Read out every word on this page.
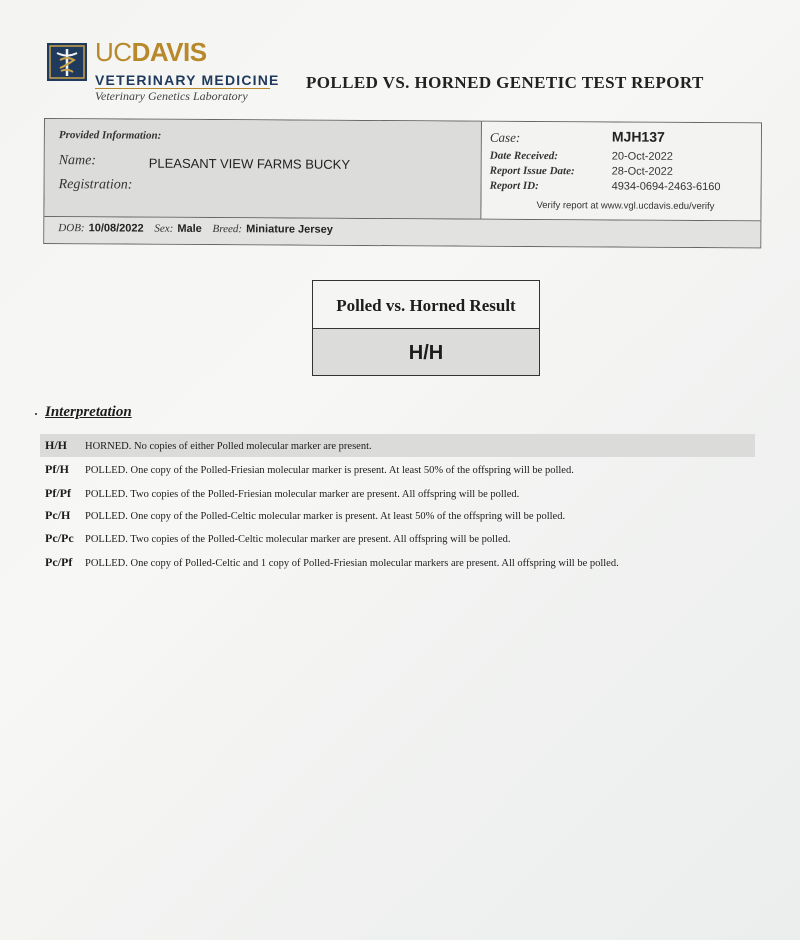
UCDAVIS
VETERINARY MEDICINE
Veterinary Genetics Laboratory
POLLED VS. HORNED GENETIC TEST REPORT
Provided Information:
Name:	PLEASANT VIEW FARMS BUCKY
Registration:
Case:	MJH137
Date Received:	20-Oct-2022
Report Issue Date:	28-Oct-2022
Report ID:	4934-0694-2463-6160
Verify report at www.vgl.ucdavis.edu/verify
DOB: 10/08/2022 Sex: Male Breed: Miniature Jersey
Polled vs. Horned Result
H/H
Interpretation
H/H HORNED. No copies of either Polled molecular marker are present.
Pf/H POLLED. One copy of the Polled-Friesian molecular marker is present. At least 50% of the offspring will be polled.
Pf/Pf POLLED. Two copies of the Polled-Friesian molecular marker are present. All offspring will be polled.
Pc/H POLLED. One copy of the Polled-Celtic molecular marker is present. At least 50% of the offspring will be polled.
Pc/Pc POLLED. Two copies of the Polled-Celtic molecular marker are present. All offspring will be polled.
Pc/Pf POLLED. One copy of Polled-Celtic and 1 copy of Polled-Friesian molecular markers are present. All offspring will be polled.
